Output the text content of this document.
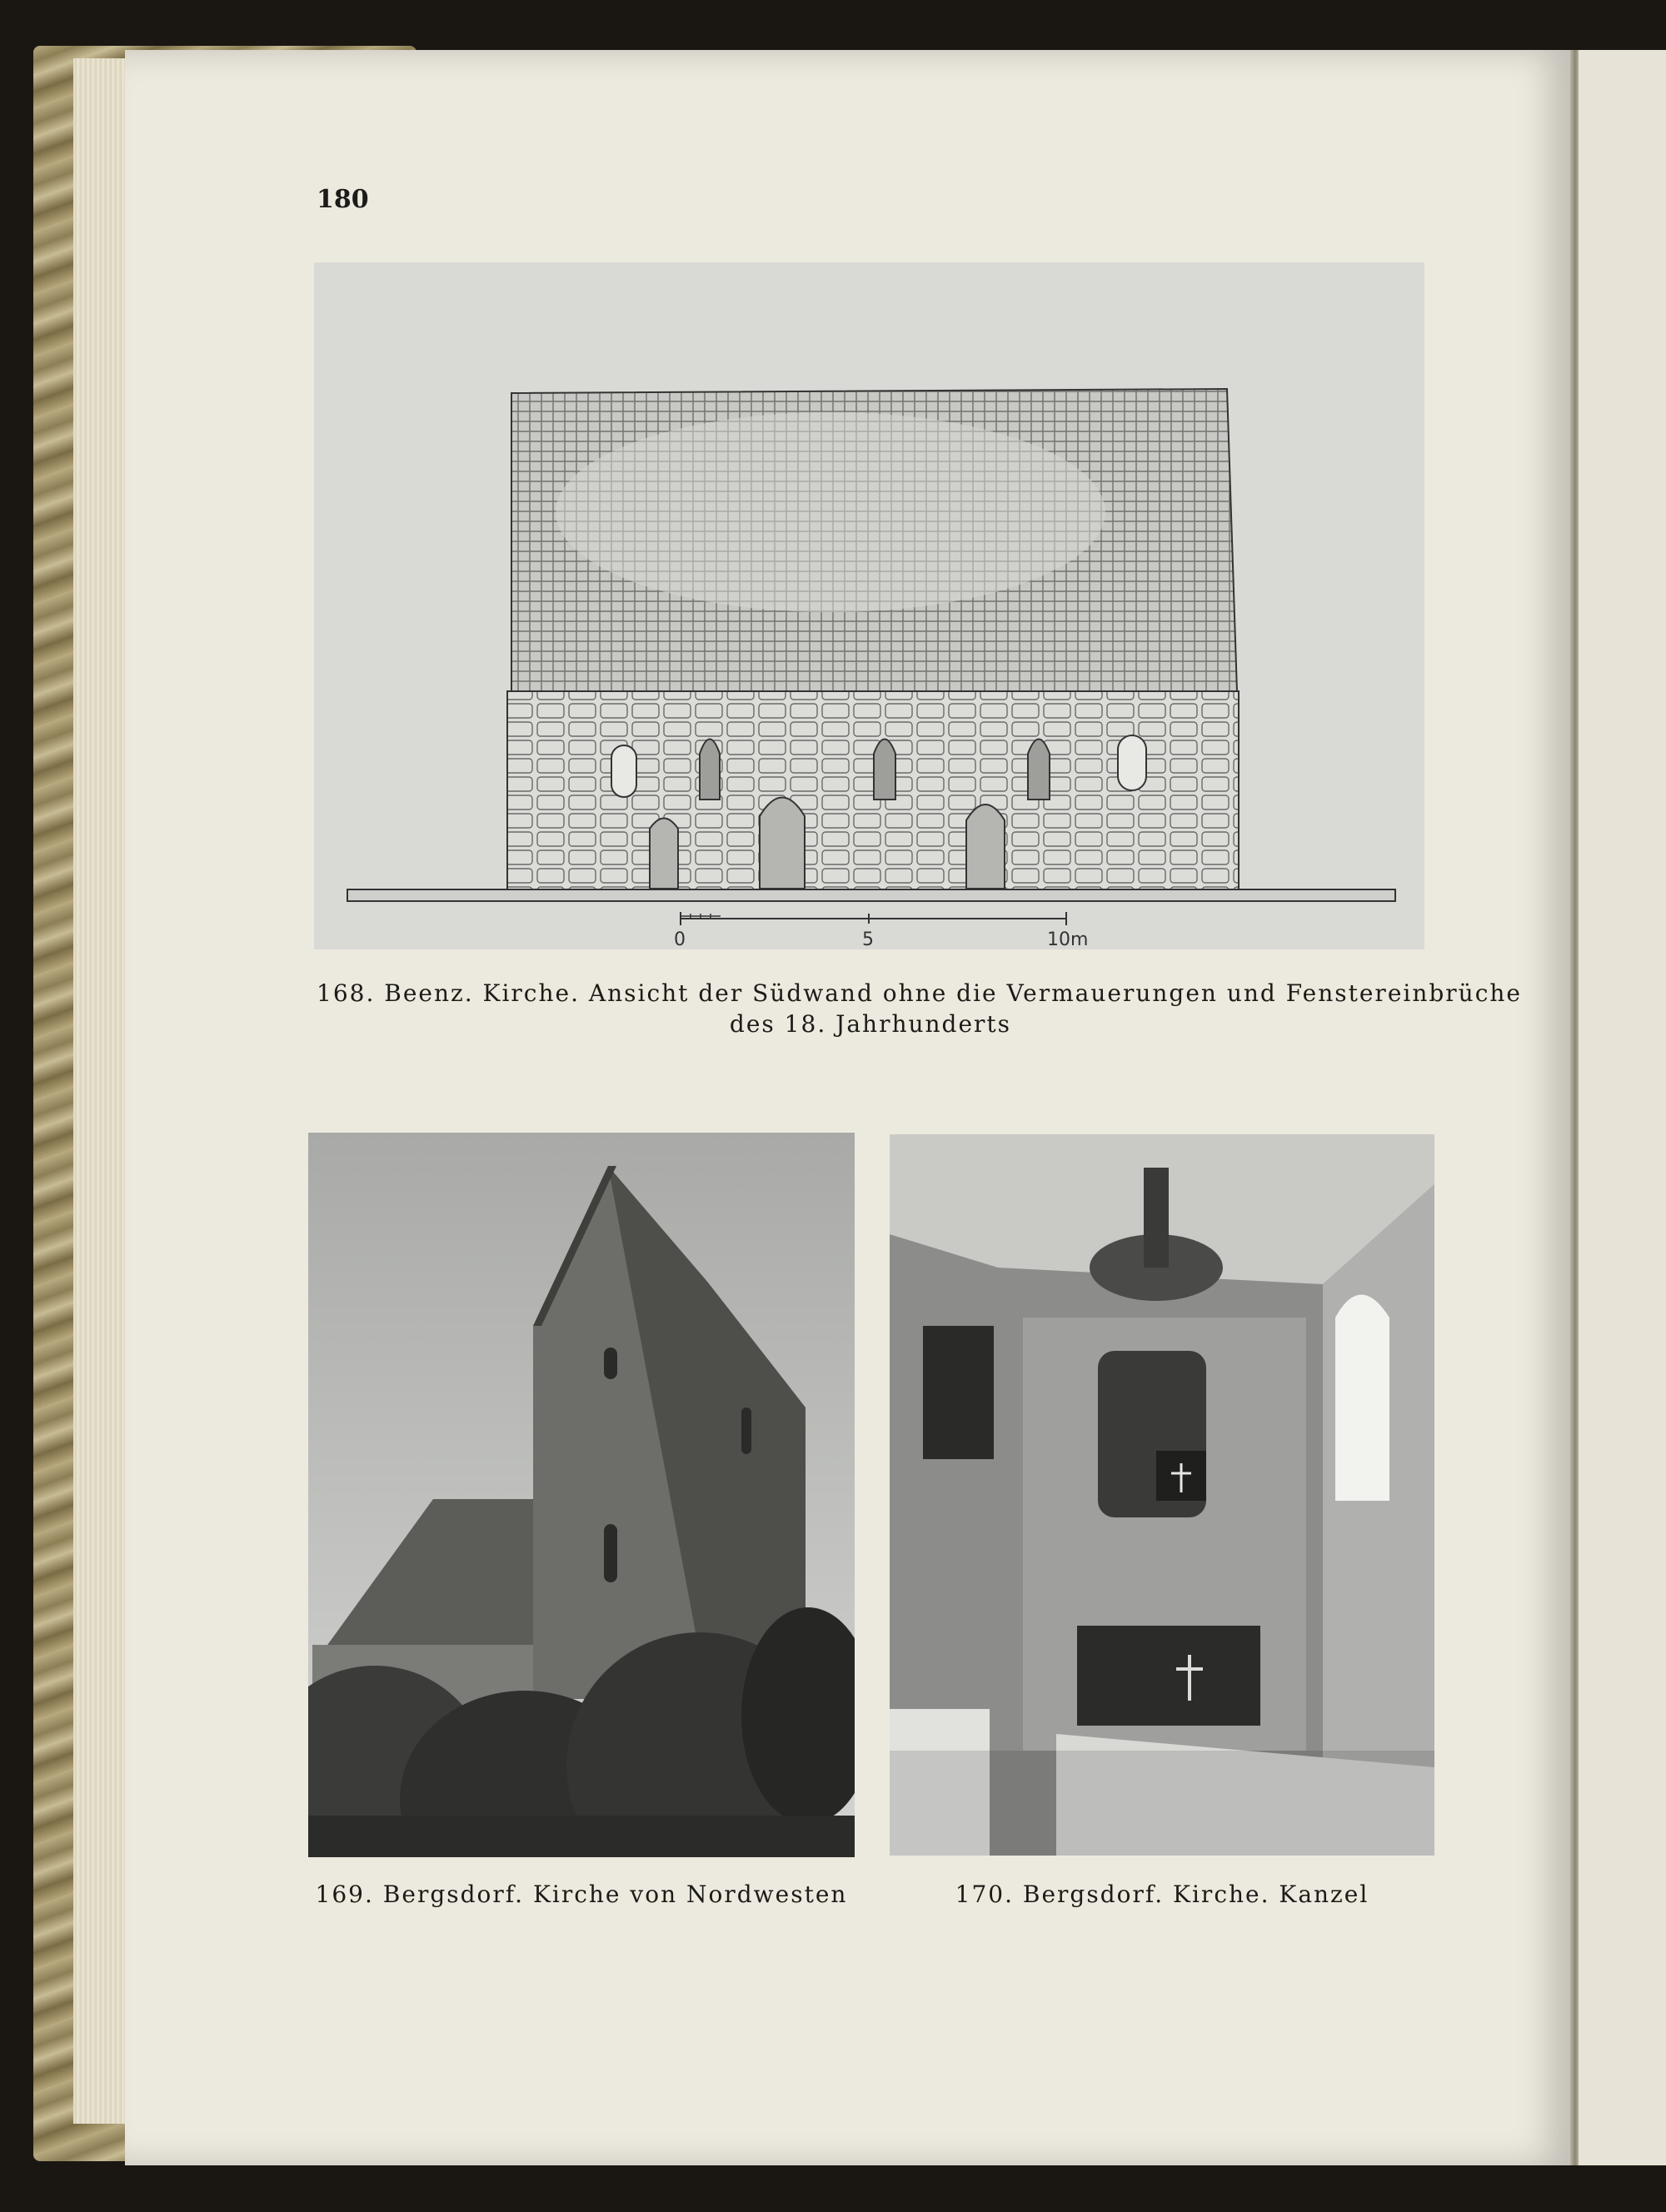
180
0	5	10m
168. Beenz. Kirche. Ansicht der Südwand ohne die Vermauerungen und Fenstereinbrüche
des 18. Jahrhunderts
169. Bergsdorf. Kirche von Nordwesten	170. Bergsdorf. Kirche. Kanzel
